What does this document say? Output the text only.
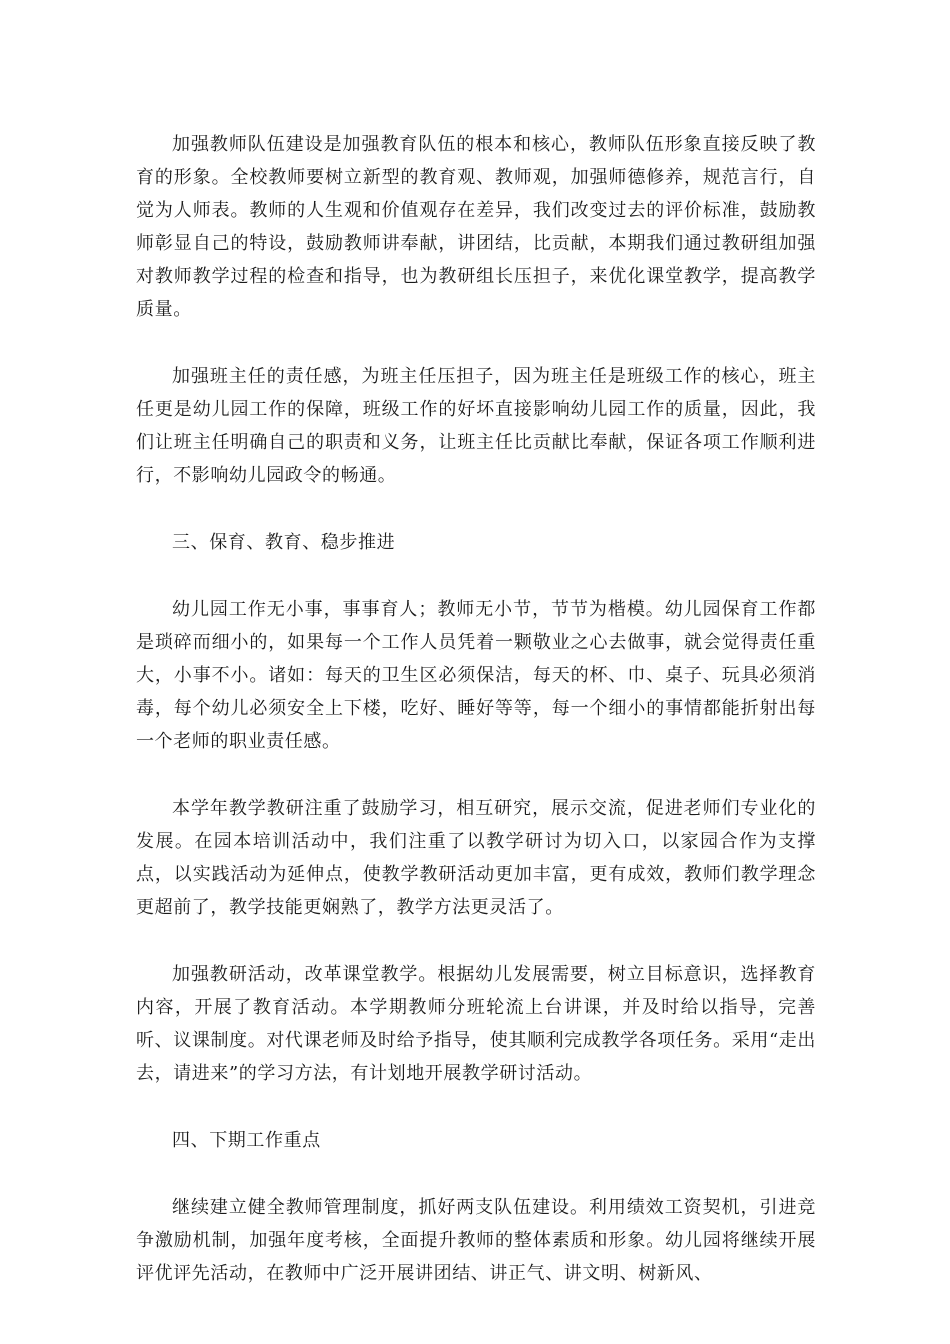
加强教师队伍建设是加强教育队伍的根本和核心，教师队伍形象直接反映了教育的形象。全校教师要树立新型的教育观、教师观，加强师德修养，规范言行，自觉为人师表。教师的人生观和价值观存在差异，我们改变过去的评价标准，鼓励教师彰显自己的特设，鼓励教师讲奉献，讲团结，比贡献，本期我们通过教研组加强对教师教学过程的检查和指导，也为教研组长压担子，来优化课堂教学，提高教学质量。

加强班主任的责任感，为班主任压担子，因为班主任是班级工作的核心，班主任更是幼儿园工作的保障，班级工作的好坏直接影响幼儿园工作的质量，因此，我们让班主任明确自己的职责和义务，让班主任比贡献比奉献，保证各项工作顺利进行，不影响幼儿园政令的畅通。

三、保育、教育、稳步推进

幼儿园工作无小事，事事育人；教师无小节，节节为楷模。幼儿园保育工作都是琐碎而细小的，如果每一个工作人员凭着一颗敬业之心去做事，就会觉得责任重大，小事不小。诸如：每天的卫生区必须保洁，每天的杯、巾、桌子、玩具必须消毒，每个幼儿必须安全上下楼，吃好、睡好等等，每一个细小的事情都能折射出每一个老师的职业责任感。

本学年教学教研注重了鼓励学习，相互研究，展示交流，促进老师们专业化的发展。在园本培训活动中，我们注重了以教学研讨为切入口，以家园合作为支撑点，以实践活动为延伸点，使教学教研活动更加丰富，更有成效，教师们教学理念更超前了，教学技能更娴熟了，教学方法更灵活了。

加强教研活动，改革课堂教学。根据幼儿发展需要，树立目标意识，选择教育内容，开展了教育活动。本学期教师分班轮流上台讲课，并及时给以指导，完善听、议课制度。对代课老师及时给予指导，使其顺利完成教学各项任务。采用“走出去，请进来”的学习方法，有计划地开展教学研讨活动。

四、下期工作重点

继续建立健全教师管理制度，抓好两支队伍建设。利用绩效工资契机，引进竞争激励机制，加强年度考核，全面提升教师的整体素质和形象。幼儿园将继续开展评优评先活动，在教师中广泛开展讲团结、讲正气、讲文明、树新风、
